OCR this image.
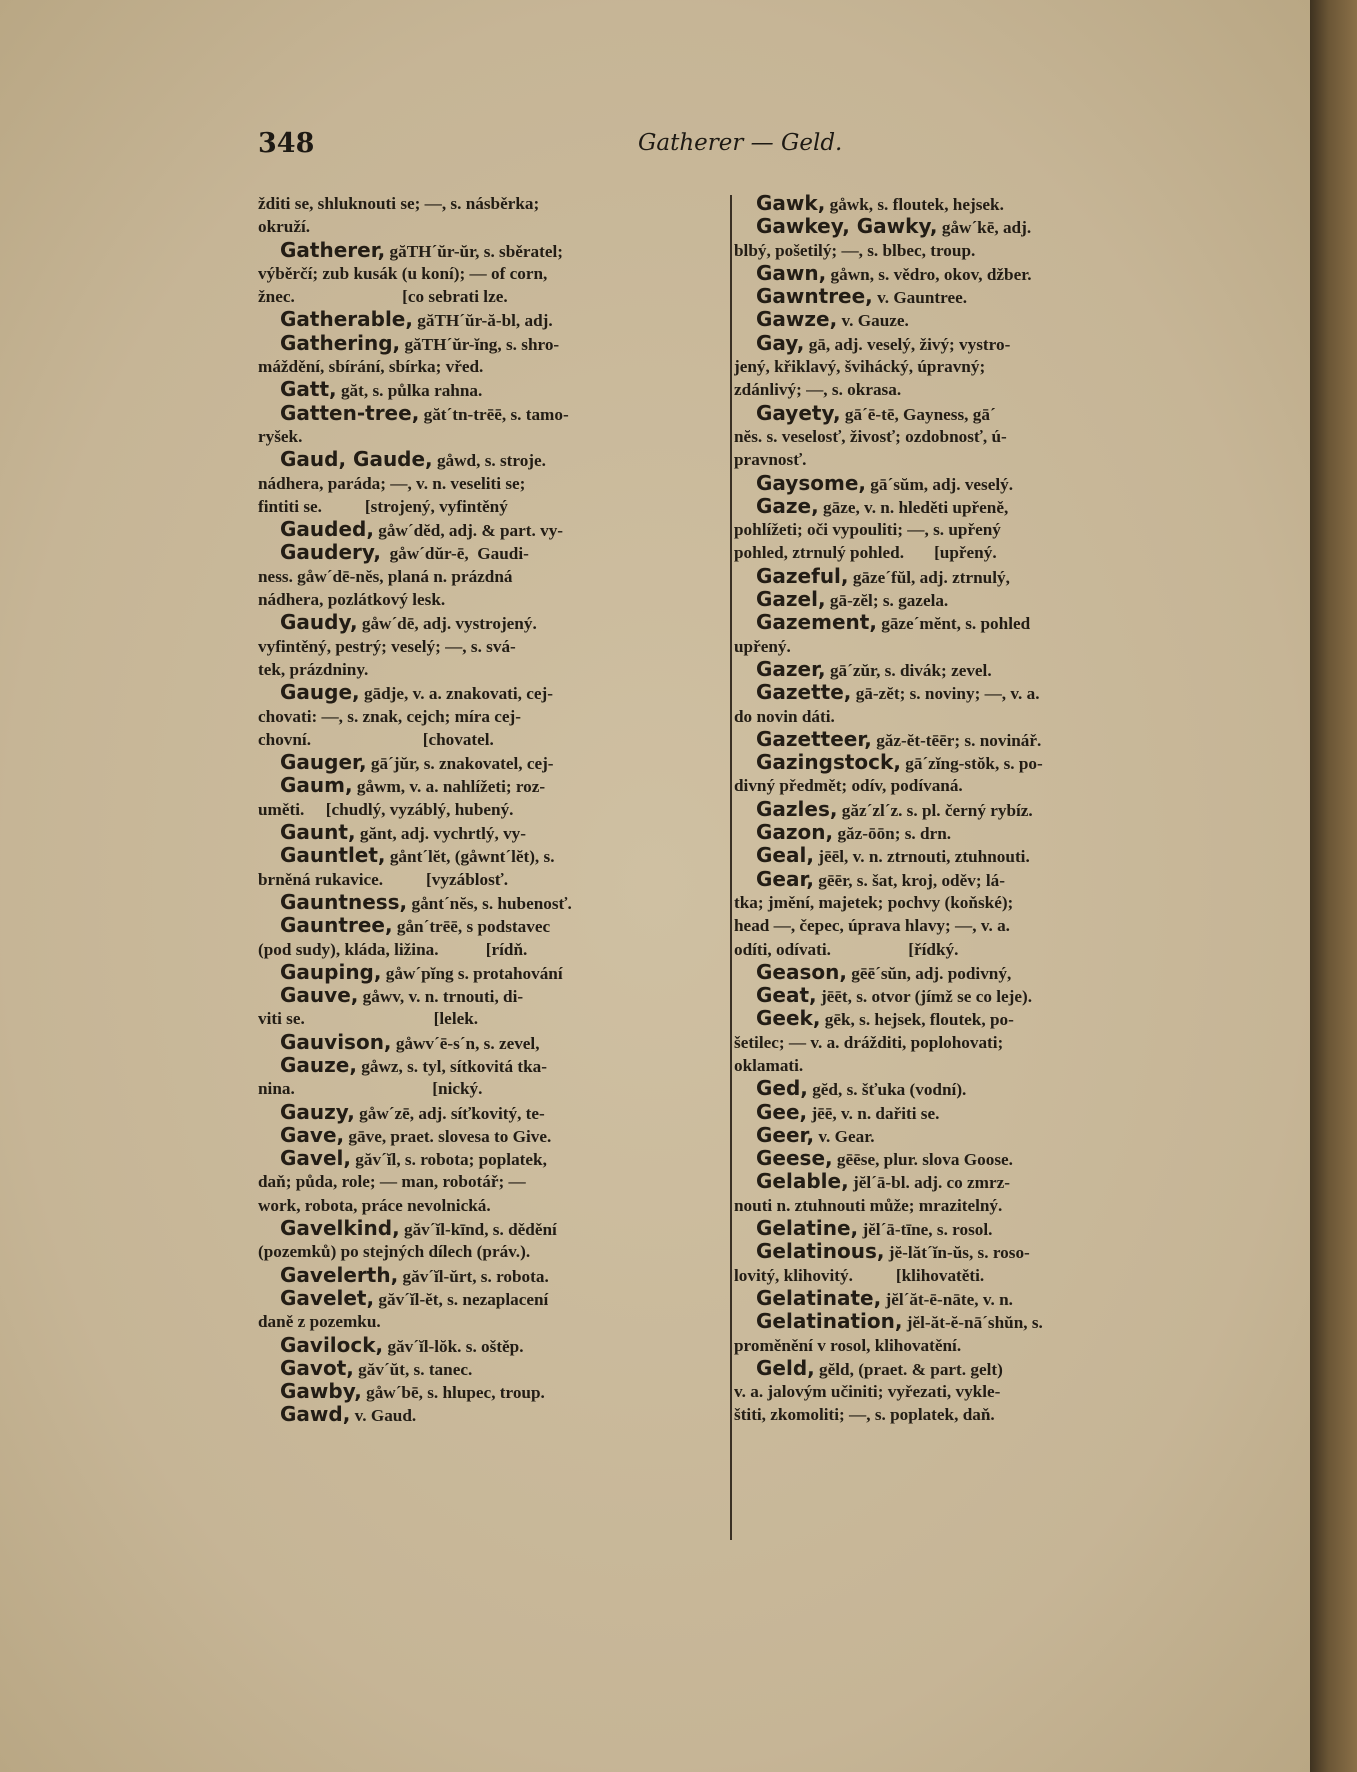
348	Gatherer — Geld.
žditi se, shluknouti se; —, s. násběrka;
okruží.
Gatherer, găTH´ŭr-ŭr, s. sběratel;
výběrčí; zub kusák (u koní); — of corn,
žnec.                         [co sebrati lze.
Gatherable, găTH´ŭr-ă-bl, adj.
Gathering, găTH´ŭr-ĭng, s. shro-
máždění, sbírání, sbírka; vřed.
Gatt, găt, s. půlka rahna.
Gatten-tree, găt´tn-trēē, s. tamo-
ryšek.
Gaud, Gaude, gåwd, s. stroje.
nádhera, paráda; —, v. n. veseliti se;
fintiti se.          [strojený, vyfintěný
Gauded, gåw´dĕd, adj. & part. vy-
Gaudery,  gåw´dŭr-ē,  Gaudi-
ness. gåw´dē-nĕs, planá n. prázdná
nádhera, pozlátkový lesk.
Gaudy, gåw´dē, adj. vystrojený.
vyfintěný, pestrý; veselý; —, s. svá-
tek, prázdniny.
Gauge, gādje, v. a. znakovati, cej-
chovati: —, s. znak, cejch; míra cej-
chovní.                          [chovatel.
Gauger, gā´jŭr, s. znakovatel, cej-
Gaum, gåwm, v. a. nahlížeti; roz-
uměti.     [chudlý, vyzáblý, hubený.
Gaunt, gănt, adj. vychrtlý, vy-
Gauntlet, gånt´lĕt, (gåwnt´lĕt), s.
brněná rukavice.          [vyzáblosť.
Gauntness, gånt´nĕs, s. hubenosť.
Gauntree, gån´trēē, s podstavec
(pod sudy), kláda, ližina.           [rídň.
Gauping, gåw´pĭng s. protahování
Gauve, gåwv, v. n. trnouti, di-
viti se.                              [lelek.
Gauvison, gåwv´ē-s´n, s. zevel,
Gauze, gåwz, s. tyl, sítkovitá tka-
nina.                                [nický.
Gauzy, gåw´zē, adj. síťkovitý, te-
Gave, gāve, praet. slovesa to Give.
Gavel, găv´ĭl, s. robota; poplatek,
daň; půda, role; — man, robotář; —
work, robota, práce nevolnická.
Gavelkind, găv´ĭl-kīnd, s. dědění
(pozemků) po stejných dílech (práv.).
Gavelerth, găv´ĭl-ŭrt, s. robota.
Gavelet, găv´ĭl-ĕt, s. nezaplacení
daně z pozemku.
Gavilock, găv´ĭl-lŏk. s. oštěp.
Gavot, găv´ŭt, s. tanec.
Gawby, gåw´bē, s. hlupec, troup.
Gawd, v. Gaud.
Gawk, gåwk, s. floutek, hejsek.
Gawkey, Gawky, gåw´kē, adj.
blbý, pošetilý; —, s. blbec, troup.
Gawn, gåwn, s. vědro, okov, džber.
Gawntree, v. Gauntree.
Gawze, v. Gauze.
Gay, gā, adj. veselý, živý; vystro-
jený, křiklavý, švihácký, úpravný;
zdánlivý; —, s. okrasa.
Gayety, gā´ē-tē, Gayness, gā´
nĕs. s. veselosť, živosť; ozdobnosť, ú-
pravnosť.
Gaysome, gā´sŭm, adj. veselý.
Gaze, gāze, v. n. hleděti upřeně,
pohlížeti; oči vypouliti; —, s. upřený
pohled, ztrnulý pohled.       [upřený.
Gazeful, gāze´fŭl, adj. ztrnulý,
Gazel, gā-zĕl; s. gazela.
Gazement, gāze´mĕnt, s. pohled
upřený.
Gazer, gā´zŭr, s. divák; zevel.
Gazette, gā-zĕt; s. noviny; —, v. a.
do novin dáti.
Gazetteer, găz-ĕt-tēēr; s. novinář.
Gazingstock, gā´zĭng-stŏk, s. po-
divný předmět; odív, podívaná.
Gazles, găz´zl´z. s. pl. černý rybíz.
Gazon, găz-ōōn; s. drn.
Geal, jēēl, v. n. ztrnouti, ztuhnouti.
Gear, gēēr, s. šat, kroj, oděv; lá-
tka; jmění, majetek; pochvy (koňské);
head —, čepec, úprava hlavy; —, v. a.
odíti, odívati.                  [řídký.
Geason, gēē´sŭn, adj. podivný,
Geat, jēēt, s. otvor (jímž se co leje).
Geek, gēk, s. hejsek, floutek, po-
šetilec; — v. a. drážditi, poplohovati;
oklamati.
Ged, gĕd, s. šťuka (vodní).
Gee, jēē, v. n. dařiti se.
Geer, v. Gear.
Geese, gēēse, plur. slova Goose.
Gelable, jĕl´ā-bl. adj. co zmrz-
nouti n. ztuhnouti může; mrazitelný.
Gelatine, jĕl´ā-tīne, s. rosol.
Gelatinous, jĕ-lăt´ĭn-ŭs, s. roso-
lovitý, klihovitý.          [klihovatěti.
Gelatinate, jĕl´ăt-ē-nāte, v. n.
Gelatination, jĕl-ăt-ĕ-nā´shŭn, s.
proměnění v rosol, klihovatění.
Geld, gĕld, (praet. & part. gelt)
v. a. jalovým učiniti; vyřezati, vykle-
štiti, zkomoliti; —, s. poplatek, daň.
